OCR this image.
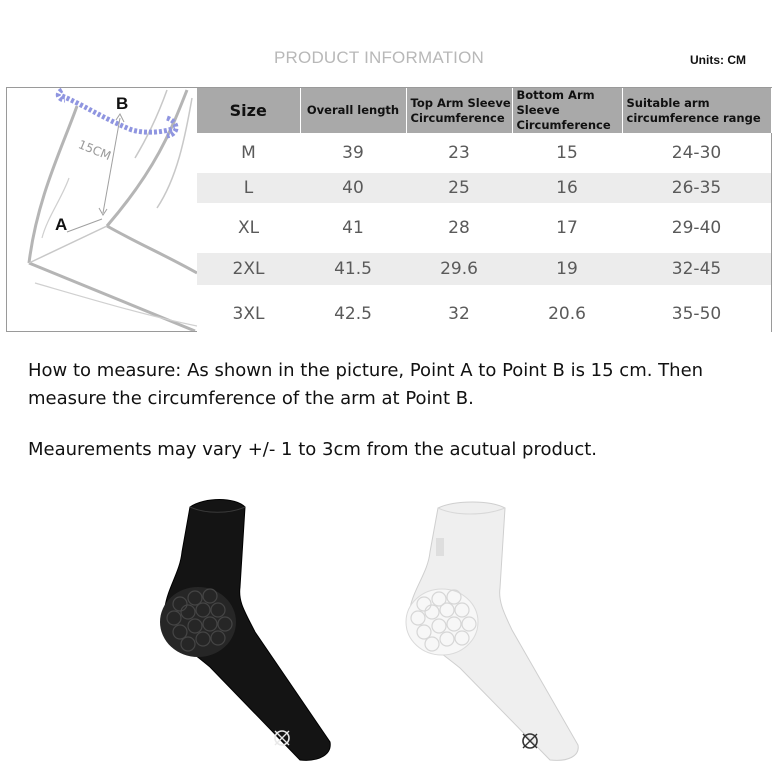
PRODUCT INFORMATION	Units: CM
15CM
B
A
Size	Overall length	Top Arm Sleeve Circumference	Bottom Arm Sleeve Circumference	Suitable arm circumference range
M	39	23	15	24-30
L	40	25	16	26-35
XL	41	28	17	29-40
2XL	41.5	29.6	19	32-45
3XL	42.5	32	20.6	35-50
How to measure: As shown in the picture, Point A to Point B is 15 cm. Then measure the circumference of the arm at Point B.
Meaurements may vary +/- 1 to 3cm from the acutual product.
